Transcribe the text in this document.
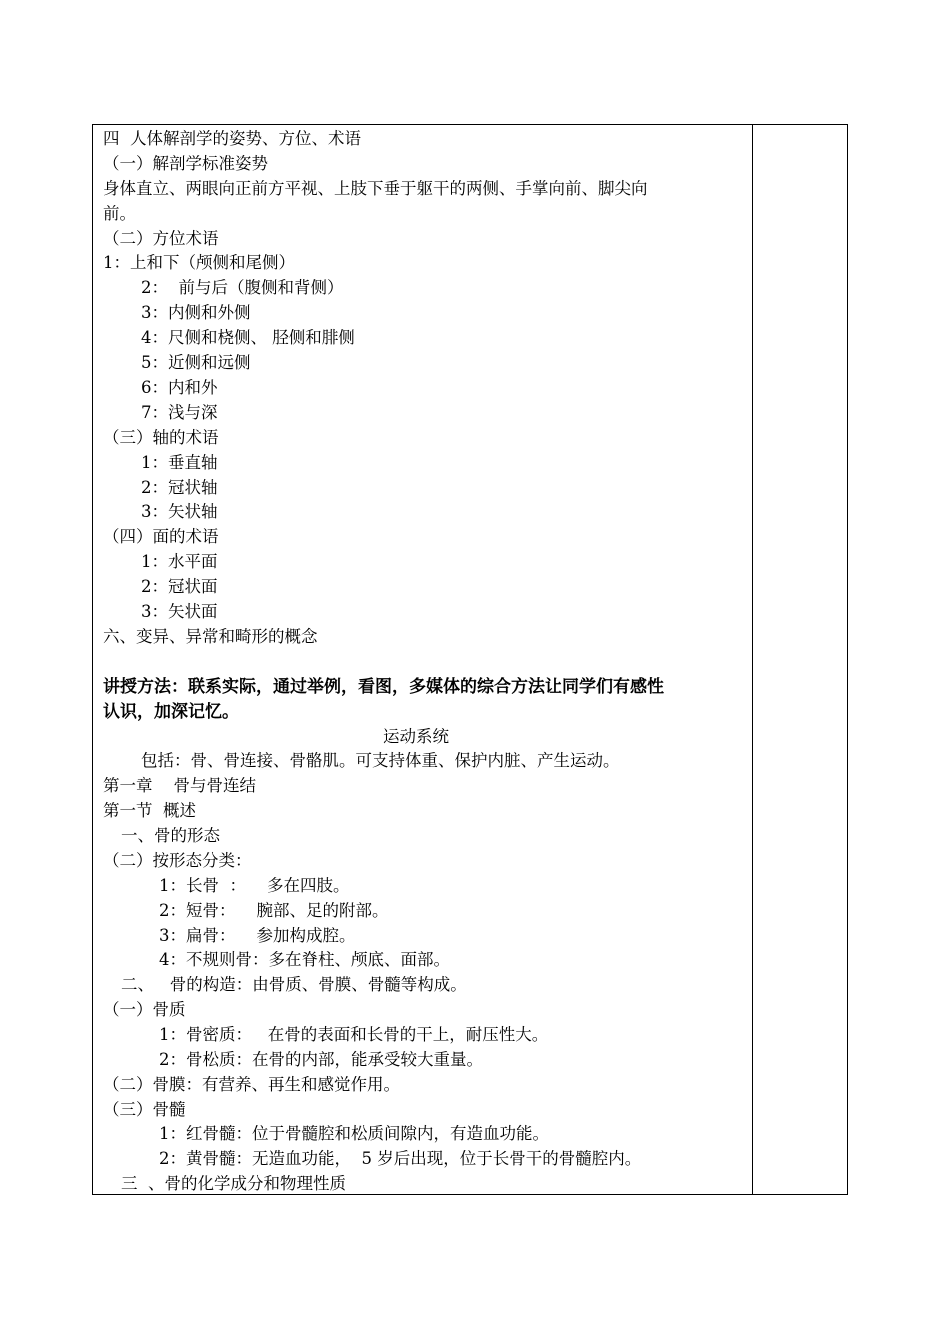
四  人体解剖学的姿势、方位、术语
（一）解剖学标准姿势
身体直立、两眼向正前方平视、上肢下垂于躯干的两侧、手掌向前、脚尖向
前。
（二）方位术语
1：上和下（颅侧和尾侧）
2：  前与后（腹侧和背侧）
3：内侧和外侧
4：尺侧和桡侧、 胫侧和腓侧
5：近侧和远侧
6：内和外
7：浅与深
（三）轴的术语
1：垂直轴
2：冠状轴
3：矢状轴
（四）面的术语
1：水平面
2：冠状面
3：矢状面
六、变异、异常和畸形的概念
讲授方法：联系实际，通过举例，看图，多媒体的综合方法让同学们有感性
认识，加深记忆。
运动系统
包括：骨、骨连接、骨骼肌。可支持体重、保护内脏、产生运动。
第一章    骨与骨连结
第一节  概述
一、骨的形态
（二）按形态分类：
1：长骨  ：    多在四肢。
2：短骨：    腕部、足的附部。
3：扁骨：    参加构成腔。
4：不规则骨：多在脊柱、颅底、面部。
二、   骨的构造：由骨质、骨膜、骨髓等构成。
（一）骨质
1：骨密质：   在骨的表面和长骨的干上，耐压性大。
2：骨松质：在骨的内部，能承受较大重量。
（二）骨膜：有营养、再生和感觉作用。
（三）骨髓
1：红骨髓：位于骨髓腔和松质间隙内，有造血功能。
2：黄骨髓：无造血功能，  5 岁后出现，位于长骨干的骨髓腔内。
三  、骨的化学成分和物理性质
